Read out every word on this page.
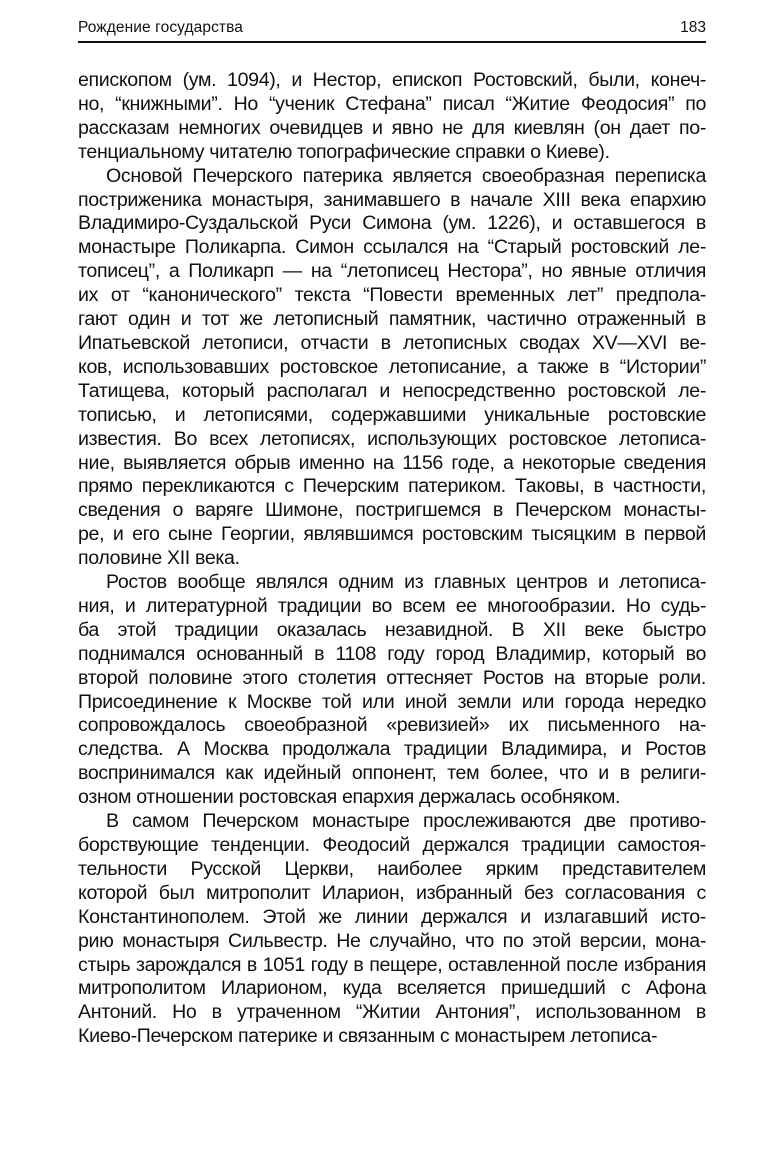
Рождение государства	183

епископом (ум. 1094), и Нестор, епископ Ростовский, были, конеч-
но, “книжными”. Но “ученик Стефана” писал “Житие Феодосия” по
рассказам немногих очевидцев и явно не для киевлян (он дает по-
тенциальному читателю топографические справки о Киеве).

Основой Печерского патерика является своеобразная переписка
постриженика монастыря, занимавшего в начале XIII века епархию
Владимиро-Суздальской Руси Симона (ум. 1226), и оставшегося в
монастыре Поликарпа. Симон ссылался на “Старый ростовский ле-
тописец”, а Поликарп — на “летописец Нестора”, но явные отличия
их от “канонического” текста “Повести временных лет” предпола-
гают один и тот же летописный памятник, частично отраженный в
Ипатьевской летописи, отчасти в летописных сводах XV—XVI ве-
ков, использовавших ростовское летописание, а также в “Истории”
Татищева, который располагал и непосредственно ростовской ле-
тописью, и летописями, содержавшими уникальные ростовские
известия. Во всех летописях, использующих ростовское летописа-
ние, выявляется обрыв именно на 1156 годе, а некоторые сведения
прямо перекликаются с Печерским патериком. Таковы, в частности,
сведения о варяге Шимоне, постригшемся в Печерском монасты-
ре, и его сыне Георгии, являвшимся ростовским тысяцким в первой
половине XII века.

Ростов вообще являлся одним из главных центров и летописа-
ния, и литературной традиции во всем ее многообразии. Но судь-
ба этой традиции оказалась незавидной. В XII веке быстро
поднимался основанный в 1108 году город Владимир, который во
второй половине этого столетия оттесняет Ростов на вторые роли.
Присоединение к Москве той или иной земли или города нередко
сопровождалось своеобразной «ревизией» их письменного на-
следства. А Москва продолжала традиции Владимира, и Ростов
воспринимался как идейный оппонент, тем более, что и в религи-
озном отношении ростовская епархия держалась особняком.

В самом Печерском монастыре прослеживаются две противо-
борствующие тенденции. Феодосий держался традиции самостоя-
тельности Русской Церкви, наиболее ярким представителем
которой был митрополит Иларион, избранный без согласования с
Константинополем. Этой же линии держался и излагавший исто-
рию монастыря Сильвестр. Не случайно, что по этой версии, мона-
стырь зарождался в 1051 году в пещере, оставленной после избрания
митрополитом Иларионом, куда вселяется пришедший с Афона
Антоний. Но в утраченном “Житии Антония”, использованном в
Киево-Печерском патерике и связанным с монастырем летописа-
